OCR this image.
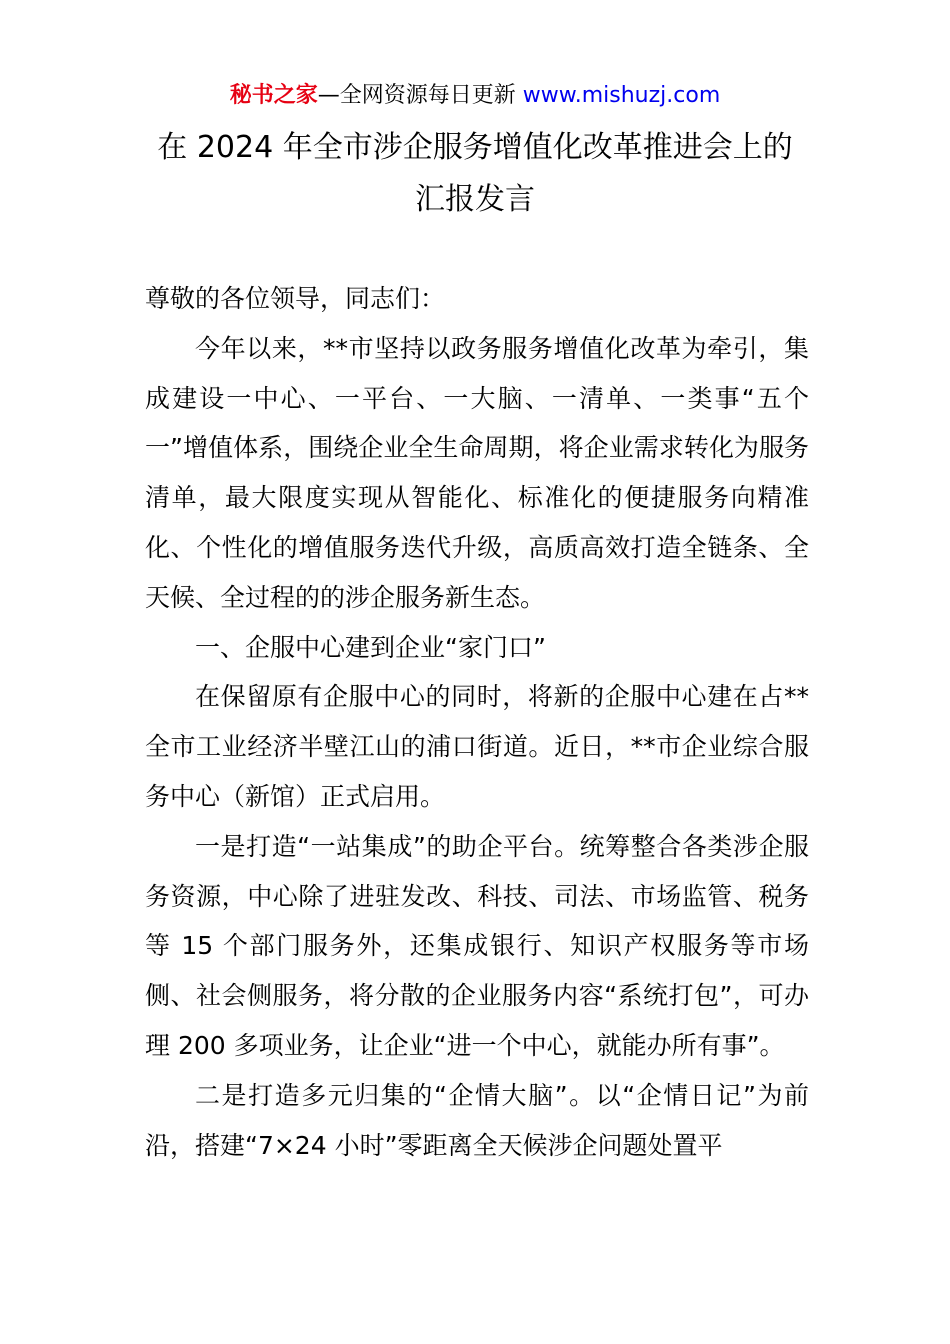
秘书之家—全网资源每日更新 www.mishuzj.com
在 2024 年全市涉企服务增值化改革推进会上的
汇报发言

尊敬的各位领导，同志们：

今年以来，**市坚持以政务服务增值化改革为牵引，集成建设一中心、一平台、一大脑、一清单、一类事“五个一”增值体系，围绕企业全生命周期，将企业需求转化为服务清单，最大限度实现从智能化、标准化的便捷服务向精准化、个性化的增值服务迭代升级，高质高效打造全链条、全天候、全过程的的涉企服务新生态。

一、企服中心建到企业“家门口”

在保留原有企服中心的同时，将新的企服中心建在占**全市工业经济半壁江山的浦口街道。近日，**市企业综合服务中心（新馆）正式启用。

一是打造“一站集成”的助企平台。统筹整合各类涉企服务资源，中心除了进驻发改、科技、司法、市场监管、税务等 15 个部门服务外，还集成银行、知识产权服务等市场侧、社会侧服务，将分散的企业服务内容“系统打包”，可办理 200 多项业务，让企业“进一个中心，就能办所有事”。

二是打造多元归集的“企情大脑”。以“企情日记”为前沿，搭建“7×24 小时”零距离全天候涉企问题处置平
